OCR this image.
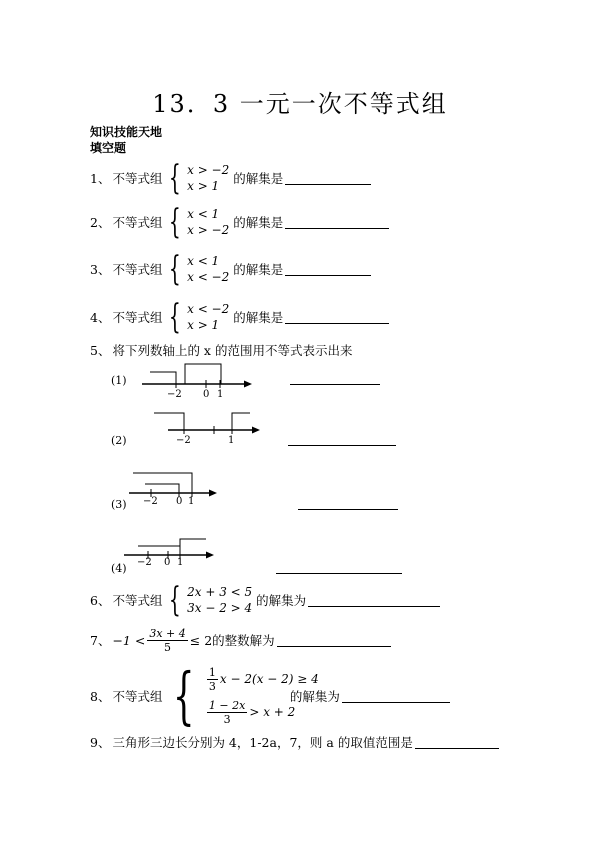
13．3 一元一次不等式组
知识技能天地
填空题
1、 不等式组 { x > −2
x > 1	的解集是
2、 不等式组 { x < 1
x > −2 的解集是
3、 不等式组 { x < 1
x < −2 的解集是
4、 不等式组 { x < −2
x > 1	的解集是
5、 将下列数轴上的 x 的范围用不等式表示出来
(1)
−2 0 1
(2)	−2	1
(3) −2 0 1
(4) −2 0 1
6、 不等式组 { 2x + 3 < 5
3x − 2 > 4 的解集为
7、 $-1 < \frac{3x + 4}{5} \le 2$ 的整数解为
8、 不等式组 { $\frac{1}{3}$ x − 2(x − 2) ≥ 4
$\frac{1 - 2x}{3} > x + 2$
的解集为
9、 三角形三边长分别为 4，1-2a，7，则 a 的取值范围是
